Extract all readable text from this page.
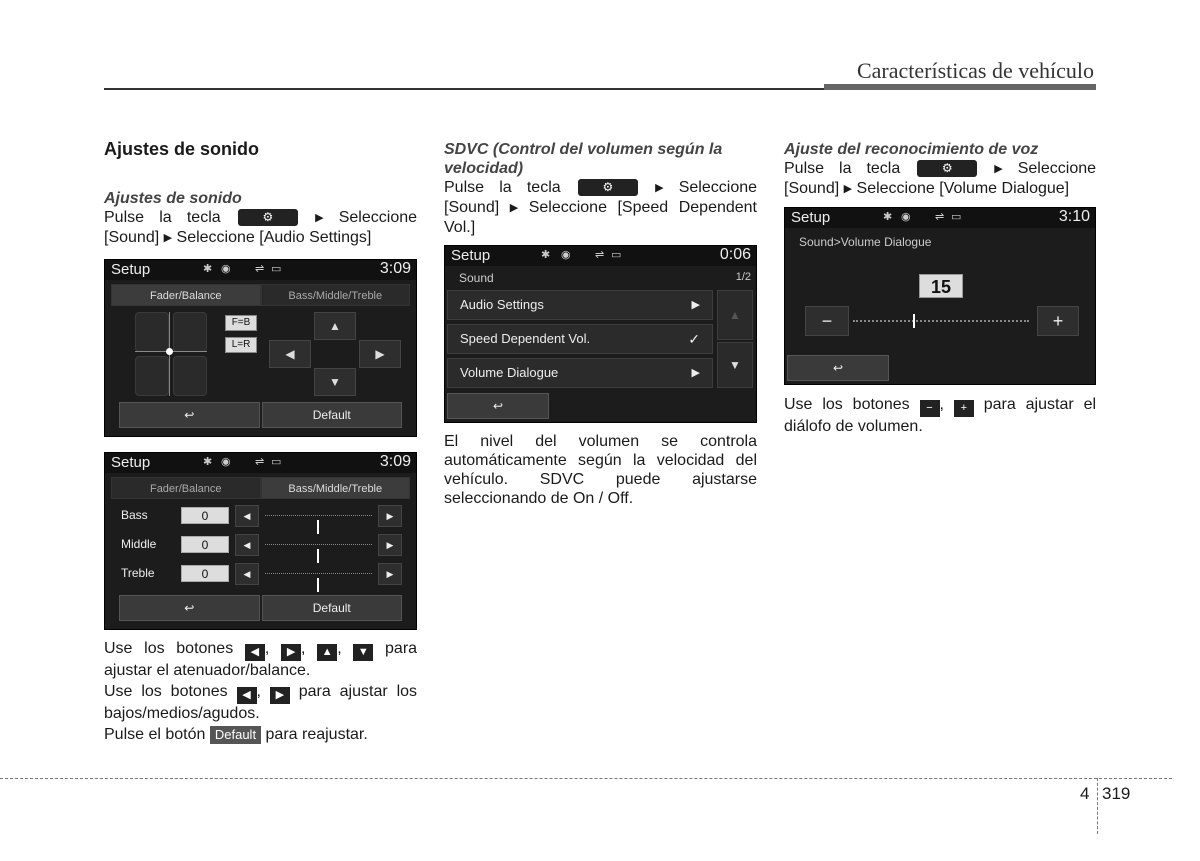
Características de vehículo
Ajustes de sonido
Ajustes de sonido

Pulse la tecla	⚙	▶ Seleccione [Sound] ▶ Seleccione [Audio Settings]

Setup	✱ ◉ ⇌ ▭	3:09
Fader/Balance	Bass/Middle/Treble
F=B
L=R
▲
◀	▶
▼
↩	Default
Setup	✱ ◉ ⇌ ▭	3:09
Fader/Balance	Bass/Middle/Treble
Bass	0	◀	▶
Middle	0	◀	▶
Treble	0	◀	▶
↩	Default

Use los botones ◀ , ▶ , ▲ , ▼ para ajustar el atenuador/balance.

Use los botones ◀ , ▶ para ajustar los bajos/medios/agudos.

Pulse el botón Default para reajustar.

SDVC (Control del volumen según la velocidad)

Pulse la tecla	⚙	▶ Seleccione [Sound] ▶ Seleccione [Speed Dependent Vol.]

Setup	✱ ◉ ⇌ ▭	0:06
Sound	1/2
Audio Settings	▶
Speed Dependent Vol.	✓
Volume Dialogue	▶
▲
▼
↩

El nivel del volumen se controla automáticamente según la velocidad del vehículo. SDVC puede ajustarse seleccionando de On / Off.

Ajuste del reconocimiento de voz

Pulse la tecla	⚙	▶ Seleccione [Sound] ▶ Seleccione [Volume Dialogue]

Setup	✱ ◉ ⇌ ▭	3:10
Sound>Volume Dialogue
15
−	+
↩

Use los botones − , + para ajustar el diálofo de volumen.

4 319
